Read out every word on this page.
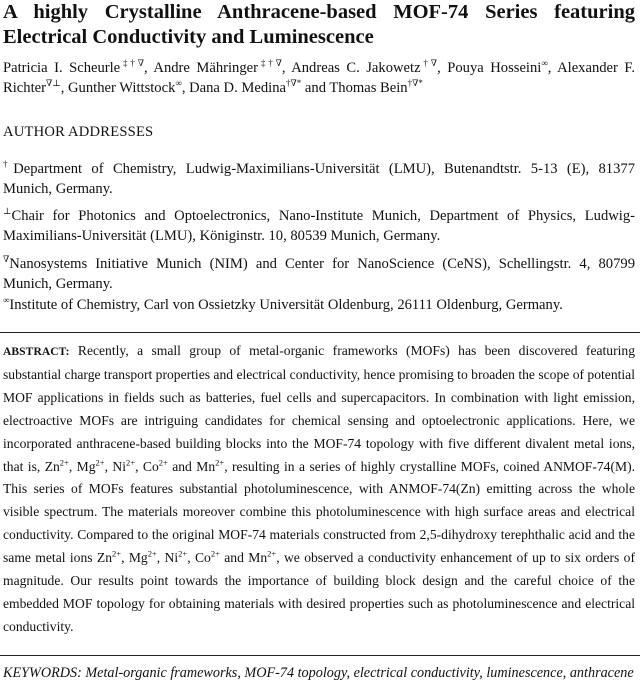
A highly Crystalline Anthracene-based MOF-74 Series featuring Electrical Conductivity and Luminescence
Patricia I. Scheurle‡†∇, Andre Mähringer‡†∇, Andreas C. Jakowetz†∇, Pouya Hosseini∞, Alexander F. Richter∇⊥, Gunther Wittstock∞, Dana D. Medina†∇* and Thomas Bein†∇*
AUTHOR ADDRESSES
†Department of Chemistry, Ludwig-Maximilians-Universität (LMU), Butenandtstr. 5-13 (E), 81377 Munich, Germany.
⊥Chair for Photonics and Optoelectronics, Nano-Institute Munich, Department of Physics, Ludwig-Maximilians-Universität (LMU), Königinstr. 10, 80539 Munich, Germany.
∇Nanosystems Initiative Munich (NIM) and Center for NanoScience (CeNS), Schellingstr. 4, 80799 Munich, Germany.
∞Institute of Chemistry, Carl von Ossietzky Universität Oldenburg, 26111 Oldenburg, Germany.
ABSTRACT: Recently, a small group of metal-organic frameworks (MOFs) has been discovered featuring substantial charge transport properties and electrical conductivity, hence promising to broaden the scope of potential MOF applications in fields such as batteries, fuel cells and supercapacitors. In combination with light emission, electroactive MOFs are intriguing candidates for chemical sensing and optoelectronic applications. Here, we incorporated anthracene-based building blocks into the MOF-74 topology with five different divalent metal ions, that is, $Zn^{2+}$, $Mg^{2+}$, $Ni^{2+}$, $Co^{2+}$ and $Mn^{2+}$, resulting in a series of highly crystalline MOFs, coined ANMOF-74(M). This series of MOFs features substantial photoluminescence, with ANMOF-74(Zn) emitting across the whole visible spectrum. The materials moreover combine this photoluminescence with high surface areas and electrical conductivity. Compared to the original MOF-74 materials constructed from 2,5-dihydroxy terephthalic acid and the same metal ions $Zn^{2+}$, $Mg^{2+}$, $Ni^{2+}$, $Co^{2+}$ and $Mn^{2+}$, we observed a conductivity enhancement of up to six orders of magnitude. Our results point towards the importance of building block design and the careful choice of the embedded MOF topology for obtaining materials with desired properties such as photoluminescence and electrical conductivity.
KEYWORDS: Metal-organic frameworks, MOF-74 topology, electrical conductivity, luminescence, anthracene
